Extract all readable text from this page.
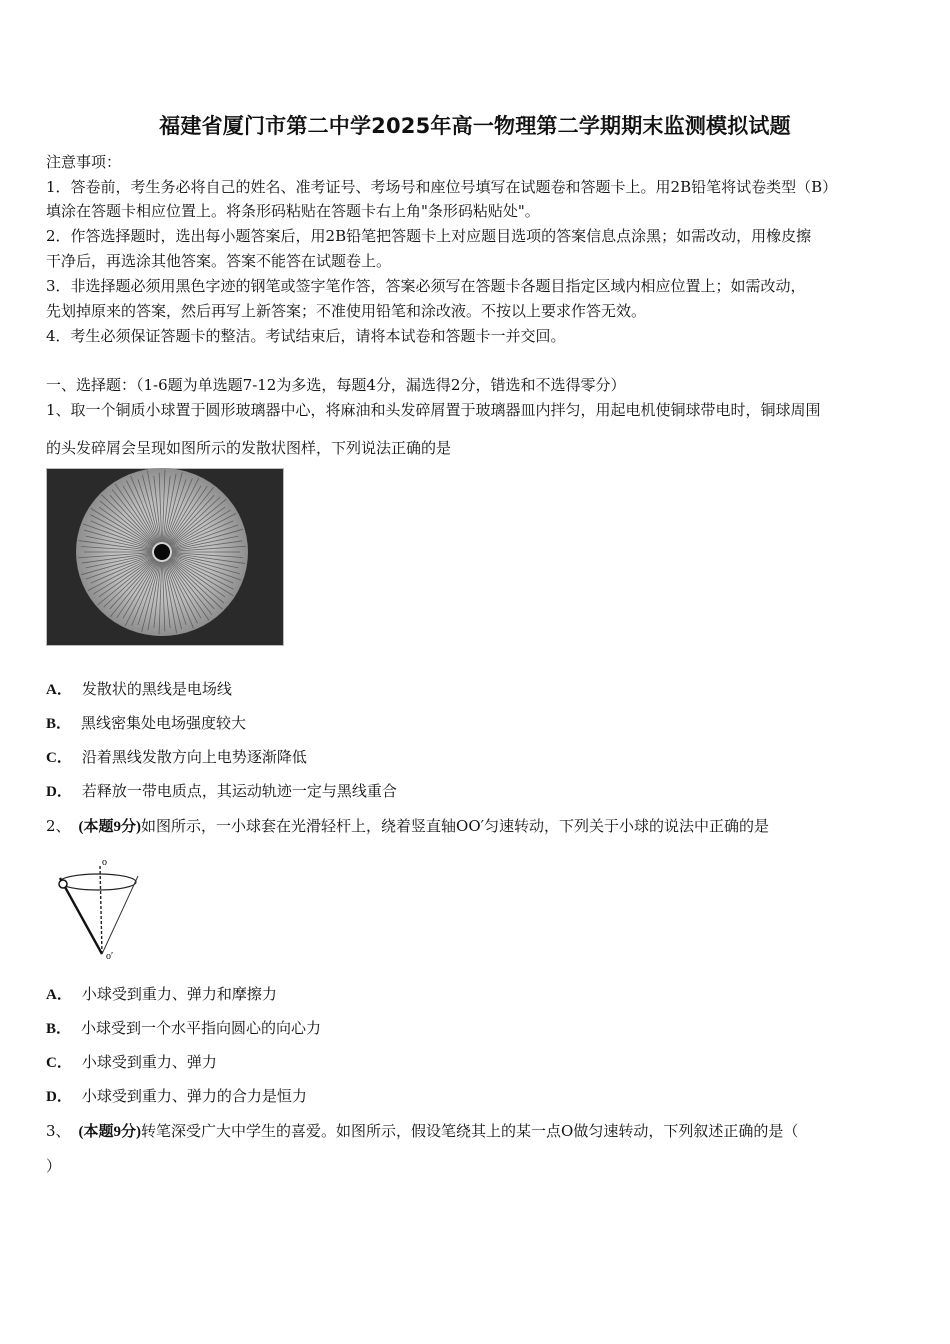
福建省厦门市第二中学2025年高一物理第二学期期末监测模拟试题
注意事项：
1．答卷前，考生务必将自己的姓名、准考证号、考场号和座位号填写在试题卷和答题卡上。用2B铅笔将试卷类型（B）
填涂在答题卡相应位置上。将条形码粘贴在答题卡右上角"条形码粘贴处"。
2．作答选择题时，选出每小题答案后，用2B铅笔把答题卡上对应题目选项的答案信息点涂黑；如需改动，用橡皮擦
干净后，再选涂其他答案。答案不能答在试题卷上。
3．非选择题必须用黑色字迹的钢笔或签字笔作答，答案必须写在答题卡各题目指定区域内相应位置上；如需改动，
先划掉原来的答案，然后再写上新答案；不准使用铅笔和涂改液。不按以上要求作答无效。
4．考生必须保证答题卡的整洁。考试结束后，请将本试卷和答题卡一并交回。
一、选择题：（1-6题为单选题7-12为多选，每题4分，漏选得2分，错选和不选得零分）
1、取一个铜质小球置于圆形玻璃器中心，将麻油和头发碎屑置于玻璃器皿内拌匀，用起电机使铜球带电时，铜球周围
的头发碎屑会呈现如图所示的发散状图样，下列说法正确的是
A． 发散状的黑线是电场线
B． 黑线密集处电场强度较大
C． 沿着黑线发散方向上电势逐渐降低
D． 若释放一带电质点，其运动轨迹一定与黑线重合
2、 (本题9分)如图所示，一小球套在光滑轻杆上，绕着竖直轴OO′匀速转动，下列关于小球的说法中正确的是
o
o′
A． 小球受到重力、弹力和摩擦力
B． 小球受到一个水平指向圆心的向心力
C． 小球受到重力、弹力
D． 小球受到重力、弹力的合力是恒力
3、 (本题9分)转笔深受广大中学生的喜爱。如图所示，假设笔绕其上的某一点O做匀速转动，下列叙述正确的是（
）
